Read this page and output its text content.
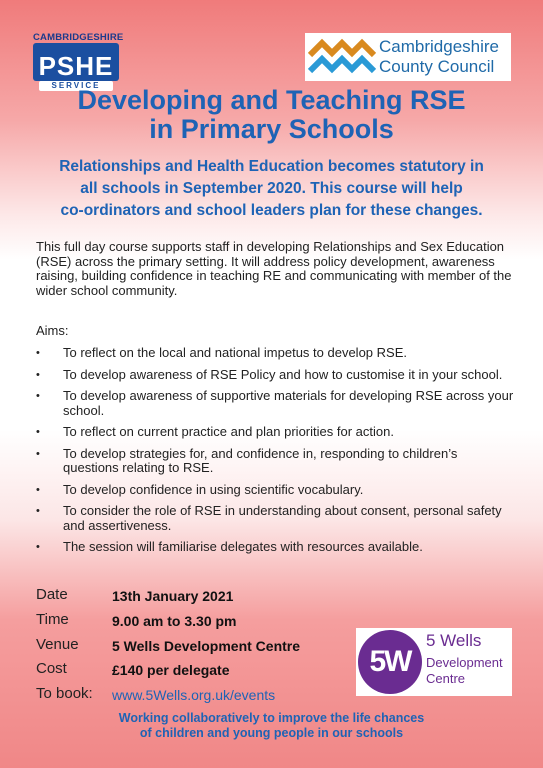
CAMBRIDGESHIRE
PSHE
SERVICE
Cambridgeshire
County Council
Developing and Teaching RSE
in Primary Schools
Relationships and Health Education becomes statutory in
all schools in September 2020. This course will help
co-ordinators and school leaders plan for these changes.
This full day course supports staff in developing Relationships and Sex Education (RSE) across the primary setting. It will address policy development, awareness raising, building confidence in teaching RE and communicating with member of the wider school community.
Aims:
• To reflect on the local and national impetus to develop RSE.
• To develop awareness of RSE Policy and how to customise it in your school.
• To develop awareness of supportive materials for developing RSE across your school.
• To reflect on current practice and plan priorities for action.
• To develop strategies for, and confidence in, responding to children’s questions relating to RSE.
• To develop confidence in using scientific vocabulary.
• To consider the role of RSE in understanding about consent, personal safety and assertiveness.
• The session will familiarise delegates with resources available.
Date	13th January 2021
Time	9.00 am to 3.30 pm
Venue 5 Wells Development Centre
Cost	£140 per delegate
To book: www.5Wells.org.uk/events
5W
5 Wells
Development
Centre
Working collaboratively to improve the life chances
of children and young people in our schools
